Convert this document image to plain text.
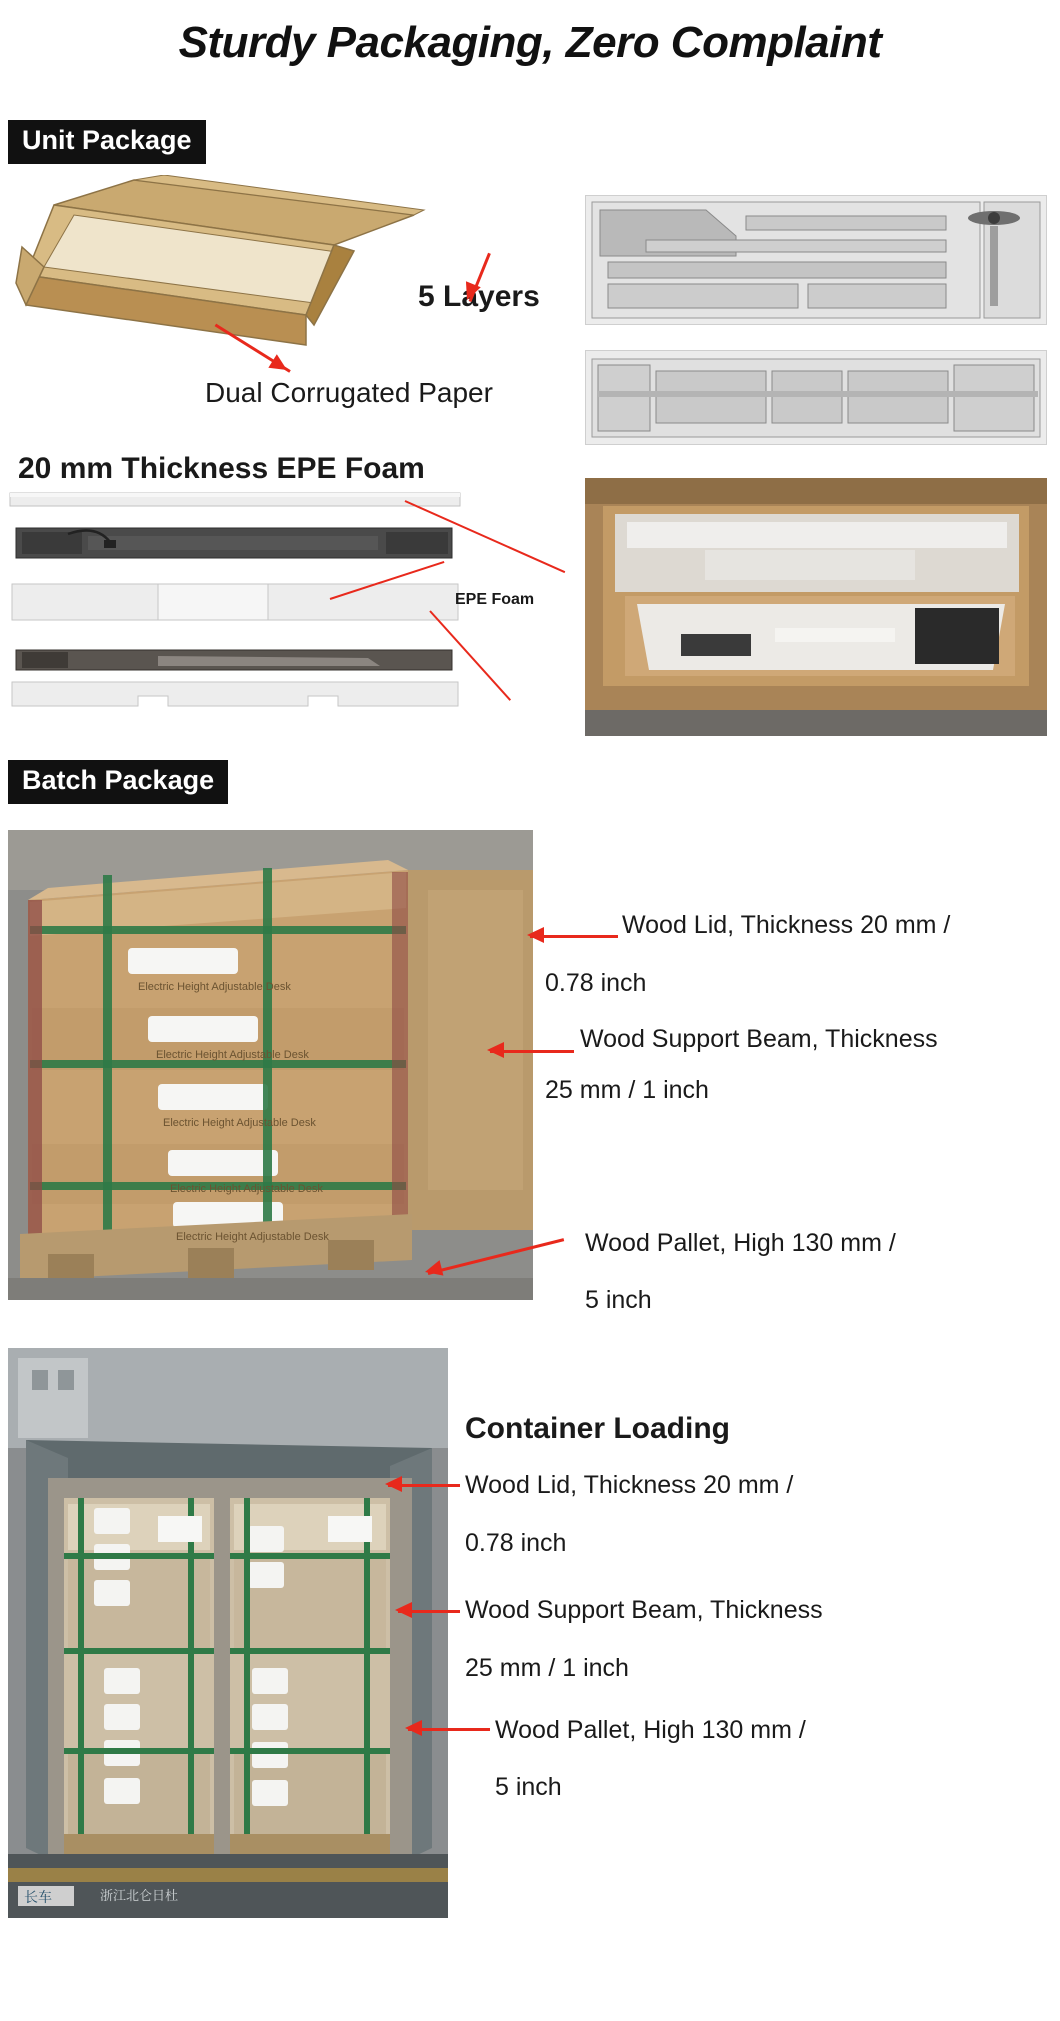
Sturdy Packaging, Zero Complaint
Unit Package
5 Layers
Dual Corrugated Paper
20 mm Thickness EPE Foam
EPE Foam
Batch Package
Electric Height Adjustable Desk
Electric Height Adjustable Desk
Electric Height Adjustable Desk
Electric Height Adjustable Desk
Electric Height Adjustable Desk
Wood Lid, Thickness 20 mm /
0.78 inch
Wood Support Beam, Thickness
25 mm / 1 inch
Wood Pallet, High 130 mm /
5 inch
长车	浙江北仑日杜
Container Loading
Wood Lid, Thickness 20 mm /
0.78 inch
Wood Support Beam, Thickness
25 mm / 1 inch
Wood Pallet, High 130 mm /
5 inch
